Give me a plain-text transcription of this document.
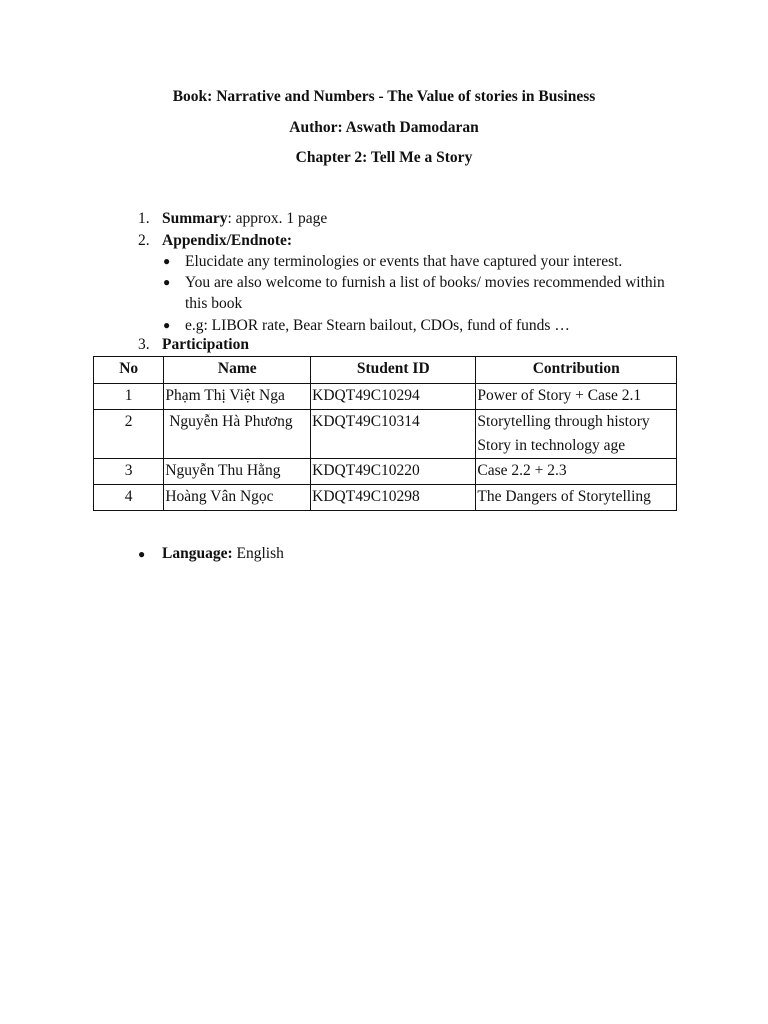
Book: Narrative and Numbers - The Value of stories in Business
Author: Aswath Damodaran
Chapter 2: Tell Me a Story
1. Summary: approx. 1 page
2. Appendix/Endnote:
● Elucidate any terminologies or events that have captured your interest.
● You are also welcome to furnish a list of books/ movies recommended within this book
● e.g: LIBOR rate, Bear Stearn bailout, CDOs, fund of funds …
3. Participation
No	Name	Student ID	Contribution
1	Phạm Thị Việt Nga	KDQT49C10294	Power of Story + Case 2.1
2	Nguyễn Hà Phương	KDQT49C10314	Storytelling through history
Story in technology age

3	Nguyễn Thu Hằng	KDQT49C10220	Case 2.2 + 2.3
4	Hoàng Vân Ngọc	KDQT49C10298	The Dangers of Storytelling
● Language: English
